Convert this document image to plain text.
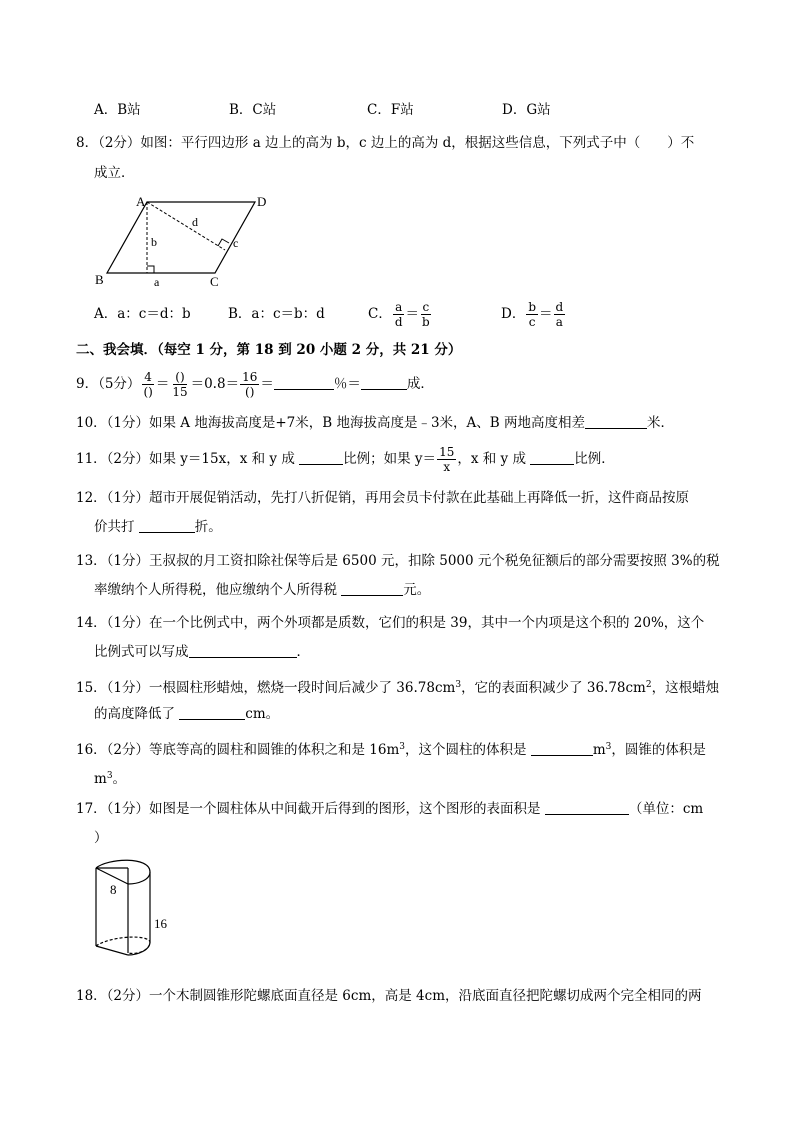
A．B站	B．C站	C．F站	D．G站
8．（2分）如图：平行四边形 a 边上的高为 b，c 边上的高为 d，根据这些信息，下列式子中（　　）不
成立．
A	D
B	C
a
b	c
d
A．a：c＝d：b	B．a：c＝b：d	C． $\frac{a}{d} = \frac{c}{b}$	D． $\frac{b}{c} = \frac{d}{a}$
二、我会填．（每空 1 分，第 18 到 20 小题 2 分，共 21 分）
9．（5分） $\frac{4}{()} = \frac{()}{15} =0.8= \frac{16}{()}$ ＝	％＝	成．
10．（1分）如果 A 地海拔高度是+7米，B 地海拔高度是﹣3米，A、B 两地高度相差	米．
11．（2分）如果 y＝15x，x 和 y 成	比例；如果 $y= \frac{15}{x}$ ，x 和 y 成	比例．
12．（1分）超市开展促销活动，先打八折促销，再用会员卡付款在此基础上再降低一折，这件商品按原
价共打	折。
13．（1分）王叔叔的月工资扣除社保等后是 6500 元，扣除 5000 元个税免征额后的部分需要按照 3%的税
率缴纳个人所得税，他应缴纳个人所得税	元。
14．（1分）在一个比例式中，两个外项都是质数，它们的积是 39，其中一个内项是这个积的 20%，这个
比例式可以写成	．
15．（1分）一根圆柱形蜡烛，燃烧一段时间后减少了 $36.78cm^3$，它的表面积减少了 $36.78cm^2$，这根蜡烛
的高度降低了	cm。
16．（2分）等底等高的圆柱和圆锥的体积之和是 $16m^3$，这个圆柱的体积是	$m^3$，圆锥的体积是
$m^3$。
17．（1分）如图是一个圆柱体从中间截开后得到的图形，这个图形的表面积是	（单位：cm
）
8
16
18．（2分）一个木制圆锥形陀螺底面直径是 6cm，高是 4cm，沿底面直径把陀螺切成两个完全相同的两
